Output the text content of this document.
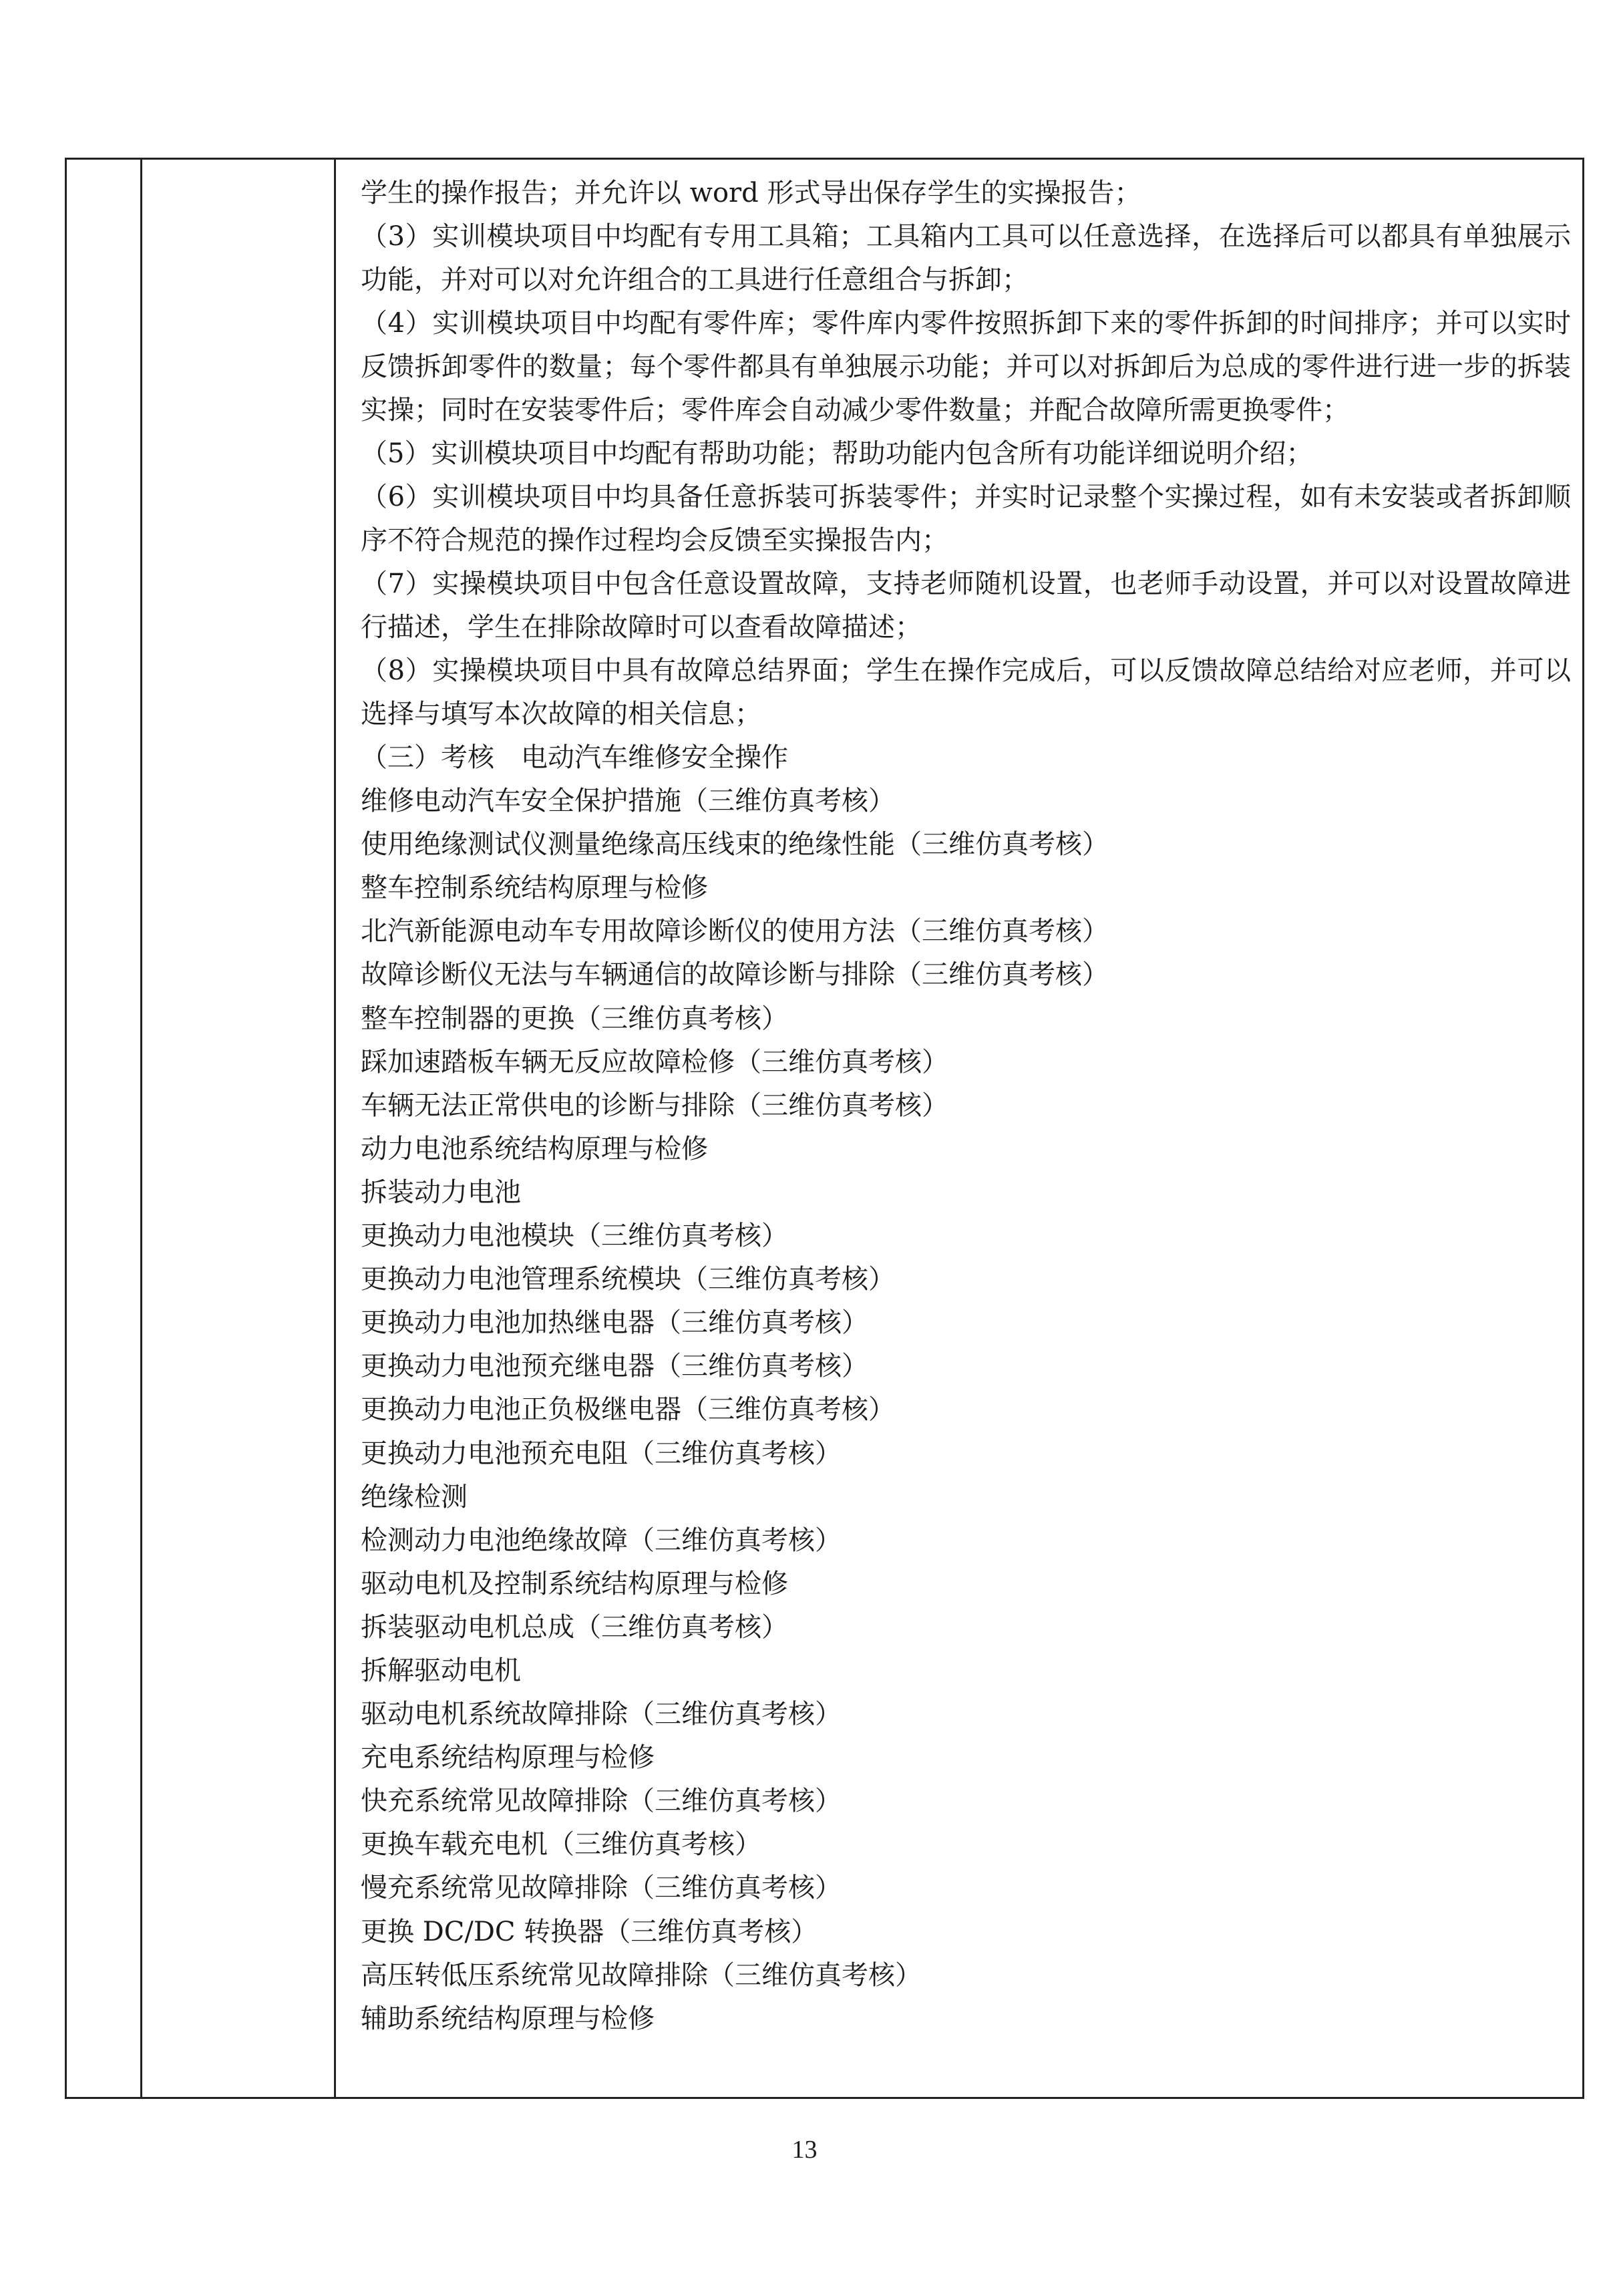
学生的操作报告；并允许以 word 形式导出保存学生的实操报告；

（3）实训模块项目中均配有专用工具箱；工具箱内工具可以任意选择，在选择后可以都具有单独展示功能，并对可以对允许组合的工具进行任意组合与拆卸；

（4）实训模块项目中均配有零件库；零件库内零件按照拆卸下来的零件拆卸的时间排序；并可以实时反馈拆卸零件的数量；每个零件都具有单独展示功能；并可以对拆卸后为总成的零件进行进一步的拆装实操；同时在安装零件后；零件库会自动减少零件数量；并配合故障所需更换零件；

（5）实训模块项目中均配有帮助功能；帮助功能内包含所有功能详细说明介绍；

（6）实训模块项目中均具备任意拆装可拆装零件；并实时记录整个实操过程，如有未安装或者拆卸顺序不符合规范的操作过程均会反馈至实操报告内；

（7）实操模块项目中包含任意设置故障，支持老师随机设置，也老师手动设置，并可以对设置故障进行描述，学生在排除故障时可以查看故障描述；

（8）实操模块项目中具有故障总结界面；学生在操作完成后，可以反馈故障总结给对应老师，并可以选择与填写本次故障的相关信息；

（三）考核　电动汽车维修安全操作

维修电动汽车安全保护措施（三维仿真考核）

使用绝缘测试仪测量绝缘高压线束的绝缘性能（三维仿真考核）

整车控制系统结构原理与检修

北汽新能源电动车专用故障诊断仪的使用方法（三维仿真考核）

故障诊断仪无法与车辆通信的故障诊断与排除（三维仿真考核）

整车控制器的更换（三维仿真考核）

踩加速踏板车辆无反应故障检修（三维仿真考核）

车辆无法正常供电的诊断与排除（三维仿真考核）

动力电池系统结构原理与检修

拆装动力电池

更换动力电池模块（三维仿真考核）

更换动力电池管理系统模块（三维仿真考核）

更换动力电池加热继电器（三维仿真考核）

更换动力电池预充继电器（三维仿真考核）

更换动力电池正负极继电器（三维仿真考核）

更换动力电池预充电阻（三维仿真考核）

绝缘检测

检测动力电池绝缘故障（三维仿真考核）

驱动电机及控制系统结构原理与检修

拆装驱动电机总成（三维仿真考核）

拆解驱动电机

驱动电机系统故障排除（三维仿真考核）

充电系统结构原理与检修

快充系统常见故障排除（三维仿真考核）

更换车载充电机（三维仿真考核）

慢充系统常见故障排除（三维仿真考核）

更换 DC/DC 转换器（三维仿真考核）

高压转低压系统常见故障排除（三维仿真考核）

辅助系统结构原理与检修

13
